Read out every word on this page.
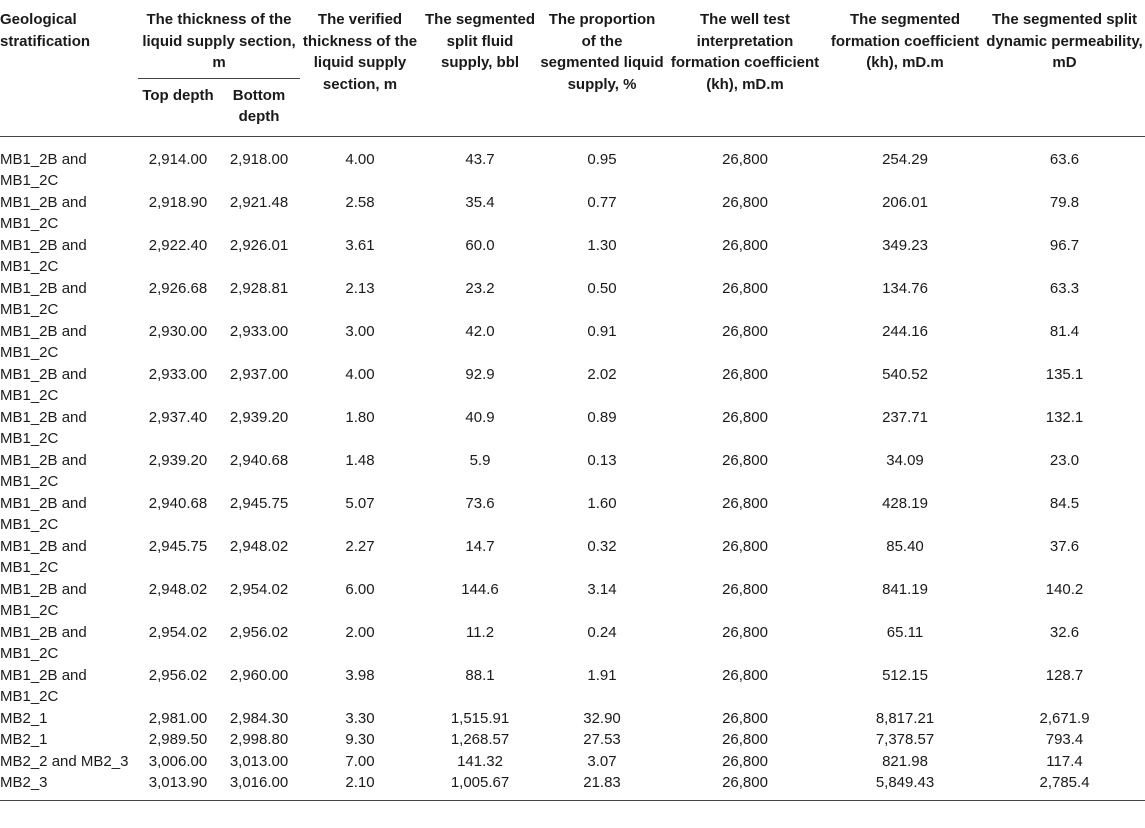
Geological stratification	The thickness of the liquid supply section, m		The verified thickness of the liquid supply section, m	The segmented split fluid supply, bbl	The proportion of the segmented liquid supply, %	The well test interpretation formation coefficient (kh), mD.m	The segmented formation coefficient (kh), mD.m	The segmented split dynamic permeability, mD
	Top depth	Bottom depth						

MB1_2B and MB1_2C	2,914.00	2,918.00	4.00	43.7	0.95	26,800	254.29	63.6
MB1_2B and MB1_2C	2,918.90	2,921.48	2.58	35.4	0.77	26,800	206.01	79.8
MB1_2B and MB1_2C	2,922.40	2,926.01	3.61	60.0	1.30	26,800	349.23	96.7
MB1_2B and MB1_2C	2,926.68	2,928.81	2.13	23.2	0.50	26,800	134.76	63.3
MB1_2B and MB1_2C	2,930.00	2,933.00	3.00	42.0	0.91	26,800	244.16	81.4
MB1_2B and MB1_2C	2,933.00	2,937.00	4.00	92.9	2.02	26,800	540.52	135.1
MB1_2B and MB1_2C	2,937.40	2,939.20	1.80	40.9	0.89	26,800	237.71	132.1
MB1_2B and MB1_2C	2,939.20	2,940.68	1.48	5.9	0.13	26,800	34.09	23.0
MB1_2B and MB1_2C	2,940.68	2,945.75	5.07	73.6	1.60	26,800	428.19	84.5
MB1_2B and MB1_2C	2,945.75	2,948.02	2.27	14.7	0.32	26,800	85.40	37.6
MB1_2B and MB1_2C	2,948.02	2,954.02	6.00	144.6	3.14	26,800	841.19	140.2
MB1_2B and MB1_2C	2,954.02	2,956.02	2.00	11.2	0.24	26,800	65.11	32.6
MB1_2B and MB1_2C	2,956.02	2,960.00	3.98	88.1	1.91	26,800	512.15	128.7
MB2_1	2,981.00	2,984.30	3.30	1,515.91	32.90	26,800	8,817.21	2,671.9
MB2_1	2,989.50	2,998.80	9.30	1,268.57	27.53	26,800	7,378.57	793.4
MB2_2 and MB2_3	3,006.00	3,013.00	7.00	141.32	3.07	26,800	821.98	117.4
MB2_3	3,013.90	3,016.00	2.10	1,005.67	21.83	26,800	5,849.43	2,785.4
